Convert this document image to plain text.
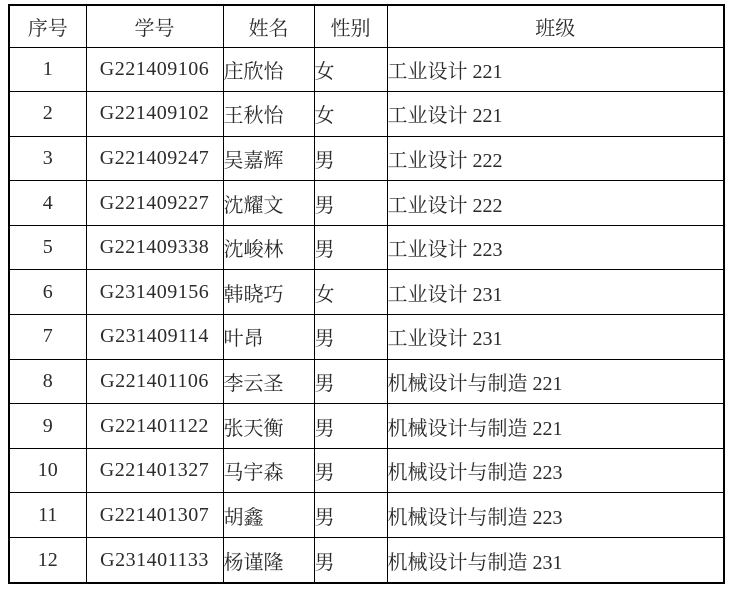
序号	学号	姓名	性别	班级
1	G221409106	庄欣怡	女	工业设计 221
2	G221409102	王秋怡	女	工业设计 221
3	G221409247	吴嘉辉	男	工业设计 222
4	G221409227	沈耀文	男	工业设计 222
5	G221409338	沈峻林	男	工业设计 223
6	G231409156	韩晓巧	女	工业设计 231
7	G231409114	叶昂	男	工业设计 231
8	G221401106	李云圣	男	机械设计与制造 221
9	G221401122	张天衡	男	机械设计与制造 221
10	G221401327	马宇森	男	机械设计与制造 223
11	G221401307	胡鑫	男	机械设计与制造 223
12	G231401133	杨谨隆	男	机械设计与制造 231
